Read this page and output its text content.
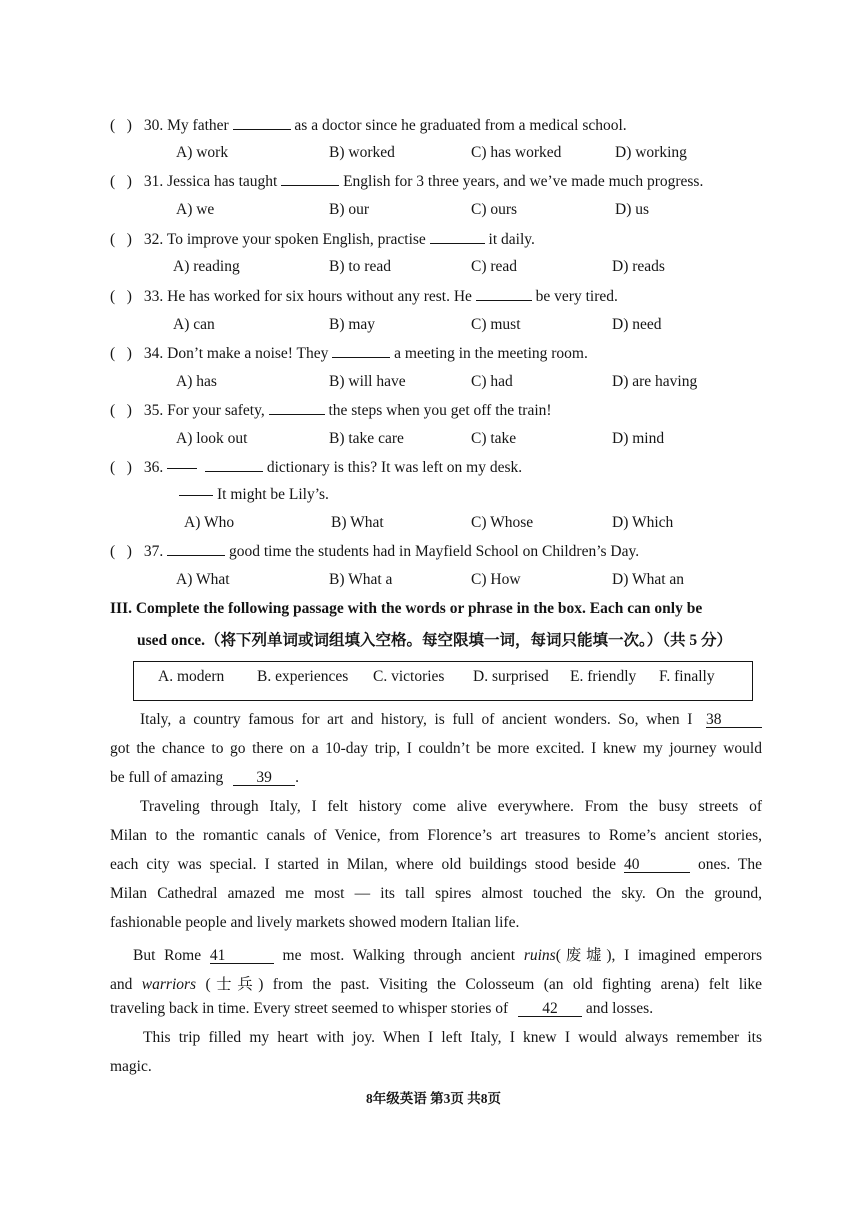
(   ) 30. My father	as a doctor since he graduated from a medical school.
A) work	B) worked	C) has worked	D) working
(   ) 31. Jessica has taught	English for 3 three years, and we’ve made much progress.
A) we	B) our	C) ours	D) us
(   ) 32. To improve your spoken English, practise	it daily.
A) reading	B) to read	C) read	D) reads
(   ) 33. He has worked for six hours without any rest. He	be very tired.
A) can	B) may	C) must	D) need
(   ) 34. Don’t make a noise! They	a meeting in the meeting room.
A) has	B) will have	C) had	D) are having
(   ) 35. For your safety,	the steps when you get off the train!
A) look out	B) take care	C) take	D) mind
(   ) 36.	dictionary is this? It was left on my desk.
It might be Lily’s.
A) Who	B) What	C) Whose	D) Which
(   ) 37.	good time the students had in Mayfield School on Children’s Day.
A) What	B) What a	C) How	D) What an
III. Complete the following passage with the words or phrase in the box. Each can only be
used once.（将下列单词或词组填入空格。每空限填一词，每词只能填一次。）（共 5 分）
A. modern B. experiences C. victories D. surprised E. friendly F. finally
Italy, a country famous for art and history, is full of ancient wonders. So, when I 38
got the chance to go there on a 10-day trip, I couldn’t be more excited. I knew my journey would
be full of amazing 39 .
Traveling through Italy, I felt history come alive everywhere. From the busy streets of
Milan to the romantic canals of Venice, from Florence’s art treasures to Rome’s ancient stories,
each city was special. I started in Milan, where old buildings stood beside 40	ones. The
Milan Cathedral amazed me most — its tall spires almost touched the sky. On the ground,
fashionable people and lively markets showed modern Italian life.
But Rome 41	me most. Walking through ancient ruins(废墟), I imagined emperors
and warriors (士兵) from the past. Visiting the Colosseum (an old fighting arena) felt like
traveling back in time. Every street seemed to whisper stories of 42 and losses.
This trip filled my heart with joy. When I left Italy, I knew I would always remember its
magic.
8年级英语 第3页 共8页
